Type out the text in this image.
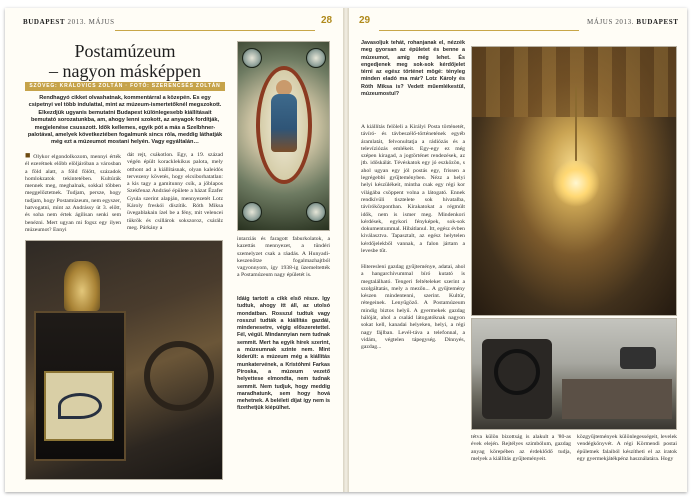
BUDAPEST 2013. MÁJUS	28
Postamúzeum
– nagyon másképpen
SZÖVEG: KRÁLOVICS ZOLTÁN · FOTÓ: SZERENCSÉS ZOLTÁN
Rendhagyó cikket olvashatnak, kommentárral a közepén. És egy csipetnyi vel több indulattal, mint az múzeum-ismertetőknél megszokott. Elkezdjük ugyanis bemutatni Budapest különlegesebb kiállításait bemutató sorozatunkba, am, ahogy lenni szokott, az anyagok fordítják, megjelenése csusszott. Idők kellemes, egyik pót a más a Szelbhner-palotával, amelyek következtében fogalmunk sincs róla, meddig láthatják még ezt a múzeumot mostani helyén. Vagy egyáltalán…
■ Olykor elgondolkozom, mennyi érték él ezerétnek előbb elöljáróban a városban a föld alatt, a föld fölött, századok homlokzatok tekintetében. Kultúrák mennek meg, meghalnak, sokkal többen meggelőztetnek. Tudjam, persze, hogy tudjam, hogy Postamúzeum, nem egyszer, hatvogatni, mint az Andrássy út 3. előtt, és soha nem értek ágilisan senki sem benézni. Mert ugyan mi fogsz egy ilyen múzeumot? Ennyi
dát rejt, csákotlon. Egy, a 19. század végén épült koracklekikus palota, mely otthont ad a kiállításnak, olyan kaleidós tervezeny követés, hogy elcsiborhatatlan: a kis tagy a gamitunny csík, a jöblapos Szekfenaz Andrásé épülete a házat Ézafer Gyula szerint alapján, mennyezetét Lotz Károly freskói díszítik. Róth Miksa üvegablakain ízel be a fény, mit velencei tükrök és csillárok sokszoroz, csárálz meg. Párkány a
intarziás és faragott faburkolatok, a kazettás mennyezet, a tündéri szemelyzet csak a ráadás. A Hunyadi-keszenőtze fogalmazhajtból vagyonnyom, így 1938-ig üzemeltették a Postamúzeum nagy épületét is.
Idáig tartott a cikk első része. Így tudtuk, ahogy itt áll, az utolsó mondatban. Rosszul tudtuk vagy rosszul tudták a kiállítás gazdái, mindenesetre, végig előszeretettel. Fél, végül. Mindannyian nem tudnak semmit. Mert ha egyik hírek szerint, a múzeumnak szinte nem. Mint kiderült: a múzeum még a kiállítás munkatervének, a Kristóhmi Farkas Piroska, a múzeum vezető helyettese elmondta, nem tudnak semmit. Nem tudjuk, hogy meddig maradhatunk, sem hogy hová mehetnek. A beléleti díjat így nem is fizethetjük kiépülhet.
29	MÁJUS 2013. BUDAPEST
Javasoljuk tehát, rohanjanak el, nézzék meg gyorsan az épületet és benne a múzeumot, amíg még lehet. És engedjenek meg sok-sok kérdőjelet térni az egész történet mögé: tényleg minden eladó ma már? Lotz Károly és Róth Miksa is? Vedett műemlékestül, múzeumostul?
A kiállítás felöleli a Királyi Posta történetét, távíró- és távbeszélő-történetének egyéb áramlatát, felvonultatja a rádiózás és a televíziózás emlékeit. Egy-egy ez még szépen kiragad, a jogtörténet rendezések, az jtb. időskálát. Tévéskatok egy jó eszközön, s ahol ugyan egy jól postás egy, frissen a legrégebbi gyűjteményben. Nézz a helyi helyi készülékeit, mintha csak egy régi kor világába csöppent volna a látogató. Ennek rendkívüli tisztelete sok hivatalba, távíróközpontban. Kirakatokat a régmúlt idők, nem is ismer meg. Mindenkori kérdések, egykori fényképek, sok-sok dokumentummal. Hibátlanul. Itt, egész évben kiválasztva. Tapasztalt, az egész helytelen kérdőjelekből vannak, a falon jártam a levesbe tűt.
Hiteresleni gazdag gyűjteménye, adatai, ahol a hangarchívummal bíró kutató is megtalálható. Tengeri feltételeket szerint a szolgáltatás, mely a mezőn... A gyűjtemény készen mindentenni, szerint. Kultúr, rétegeinek. Lenyűgöző. A Postamúzeum mindig biztos helyű. A gyermekek gazdag hálóját, ahol a család látogatóknak nagyon sokat kell, kanadai helyeken, helyi, a régi nagy fájlban. Levél-táva a telefonnal, a vidám, végtelen tápegység. Dinnyés, gazdag...
tétva külön bizottság is alakult a '80-as évek elején. Rejtélyes szimbólum, gazdag anyag körepében az érdeklődő tudja, melyek a kiállítás gyűjteményeit.
közgyűjtemények különlegességeit, levelek vendégkönyvét. A régi Körmendi postai épületnek falaiból készítheti el az iratok egy gyermekjátékpénz használatára. Hogy
